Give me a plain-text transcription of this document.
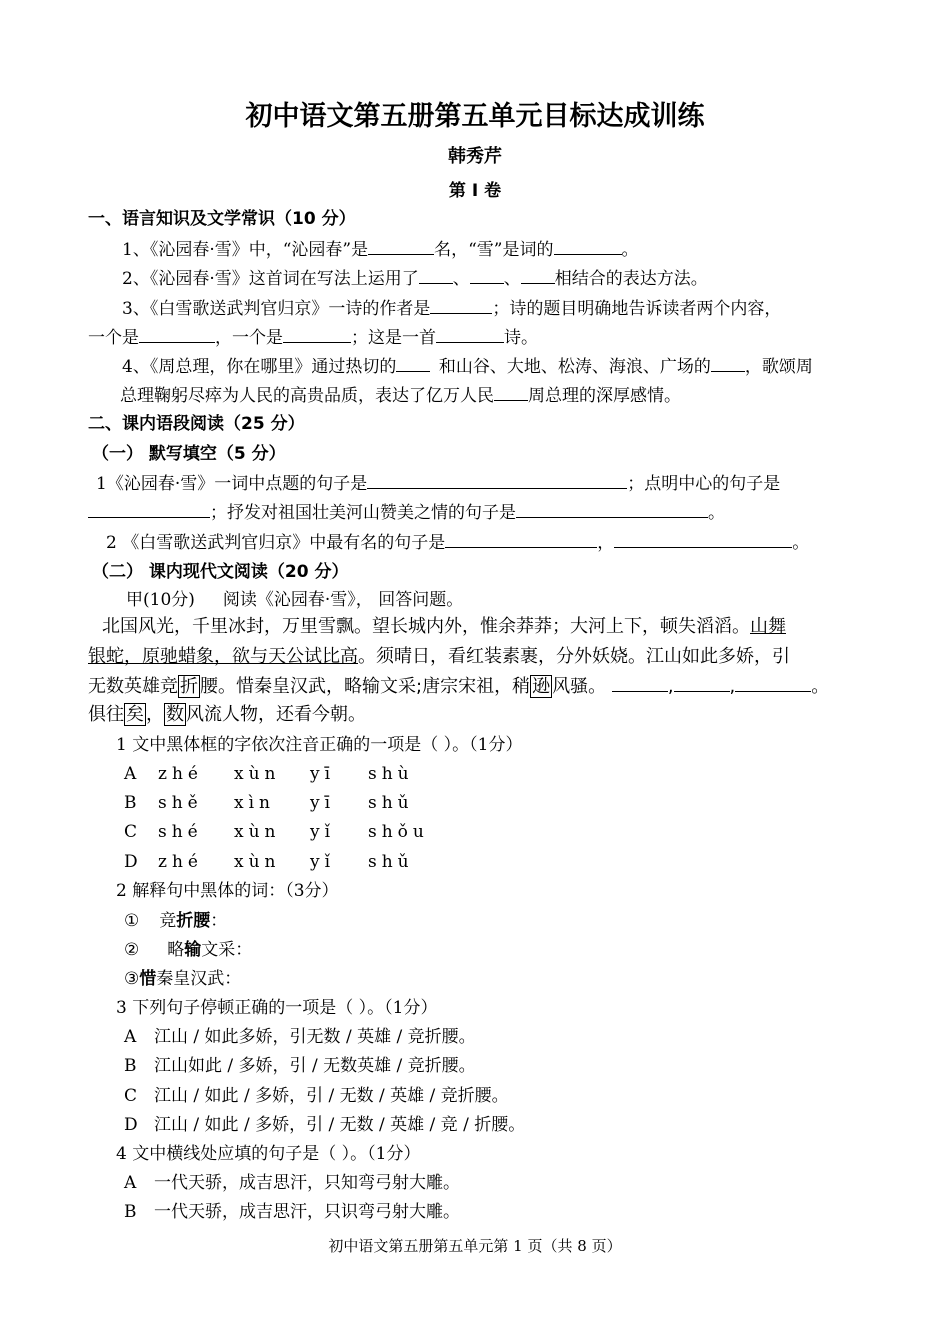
初中语文第五册第五单元目标达成训练
韩秀芹
第 Ⅰ 卷
一、语言知识及文学常识（10 分）
1、《沁园春·雪》中，“沁园春”是	名，“雪”是词的	。
2、《沁园春·雪》这首词在写法上运用了 、 、 相结合的表达方法。
3、《白雪歌送武判官归京》一诗的作者是	；诗的题目明确地告诉读者两个内容，
一个是	，一个是	；这是一首	诗。
4、《周总理，你在哪里》通过热切的 	和山谷、大地、松涛、海浪、广场的 ，歌颂周
总理鞠躬尽瘁为人民的高贵品质，表达了亿万人民 周总理的深厚感情。
二、课内语段阅读（25 分）
（一） 默写填空（5 分）
1《沁园春·雪》一词中点题的句子是	；点明中心的句子是
；抒发对祖国壮美河山赞美之情的句子是	。
2 《白雪歌送武判官归京》中最有名的句子是	，	。
（二） 课内现代文阅读（20 分）
甲(10分) 阅读《沁园春·雪》， 回答问题。
北国风光，千里冰封，万里雪飘。望长城内外，惟余莽莽；大河上下，顿失滔滔。山舞
银蛇，原驰蜡象，欲与天公试比高。须晴日，看红装素裹，分外妖娆。江山如此多娇，引
无数英雄竞 折 腰。惜秦皇汉武，略输文采;唐宗宋祖，稍 逊 风骚。	,	,	。
俱往 矣 ， 数 风流人物，还看今朝。
1 文中黑体框的字依次注音正确的一项是（ ）。（1分）
A zhé xùn yī shù
B shě xìn yī shǔ
C shé xùn yǐ shǒu
D zhé xùn yǐ shǔ
2 解释句中黑体的词：（3分）
① 竞折腰：
② 略输文采：
③惜秦皇汉武：
3 下列句子停顿正确的一项是（ ）。（1分）
A 江山 / 如此多娇，引无数 / 英雄 / 竞折腰。
B 江山如此 / 多娇，引 / 无数英雄 / 竞折腰。
C 江山 / 如此 / 多娇，引 / 无数 / 英雄 / 竞折腰。
D 江山 / 如此 / 多娇，引 / 无数 / 英雄 / 竞 / 折腰。
4 文中横线处应填的句子是（ ）。（1分）
A 一代天骄，成吉思汗，只知弯弓射大雕。
B 一代天骄，成吉思汗，只识弯弓射大雕。
初中语文第五册第五单元第 1 页（共 8 页）
